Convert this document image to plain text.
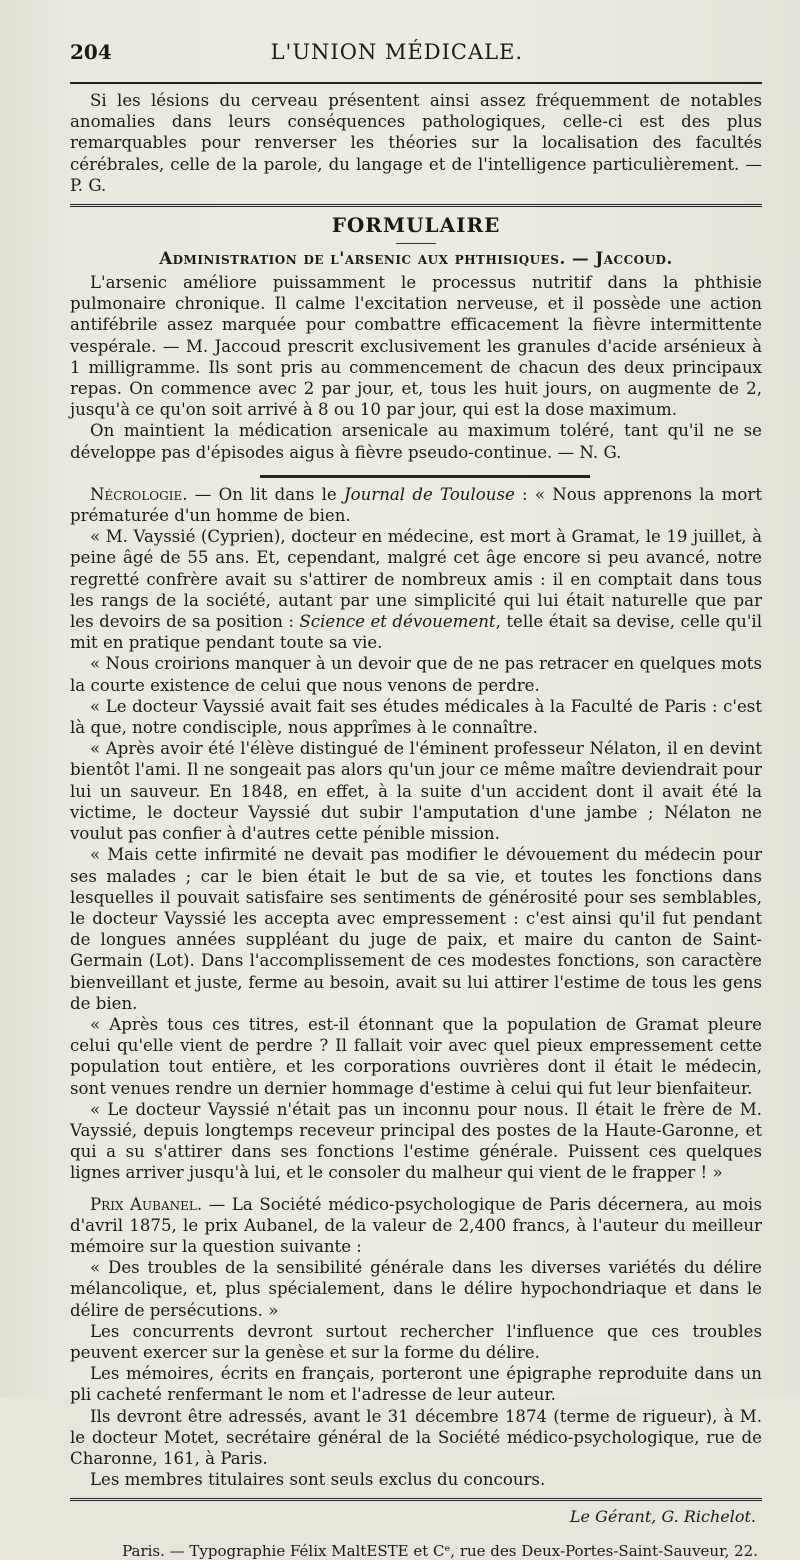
204	L'UNION MÉDICALE.

Si les lésions du cerveau présentent ainsi assez fréquemment de notables anomalies dans leurs conséquences pathologiques, celle-ci est des plus remarquables pour renverser les théories sur la localisation des facultés cérébrales, celle de la parole, du langage et de l'intelligence particulièrement. — P. G.

FORMULAIRE
Administration de l'arsenic aux phthisiques. — Jaccoud.

L'arsenic améliore puissamment le processus nutritif dans la phthisie pulmonaire chronique. Il calme l'excitation nerveuse, et il possède une action antifébrile assez marquée pour combattre efficacement la fièvre intermittente vespérale. — M. Jaccoud prescrit exclusivement les granules d'acide arsénieux à 1 milligramme. Ils sont pris au commencement de chacun des deux principaux repas. On commence avec 2 par jour, et, tous les huit jours, on augmente de 2, jusqu'à ce qu'on soit arrivé à 8 ou 10 par jour, qui est la dose maximum.

On maintient la médication arsenicale au maximum toléré, tant qu'il ne se développe pas d'épisodes aigus à fièvre pseudo-continue. — N. G.

Nécrologie. — On lit dans le Journal de Toulouse : « Nous apprenons la mort prématurée d'un homme de bien.

« M. Vayssié (Cyprien), docteur en médecine, est mort à Gramat, le 19 juillet, à peine âgé de 55 ans. Et, cependant, malgré cet âge encore si peu avancé, notre regretté confrère avait su s'attirer de nombreux amis : il en comptait dans tous les rangs de la société, autant par une simplicité qui lui était naturelle que par les devoirs de sa position : Science et dévouement, telle était sa devise, celle qu'il mit en pratique pendant toute sa vie.

« Nous croirions manquer à un devoir que de ne pas retracer en quelques mots la courte existence de celui que nous venons de perdre.

« Le docteur Vayssié avait fait ses études médicales à la Faculté de Paris : c'est là que, notre condisciple, nous apprîmes à le connaître.

« Après avoir été l'élève distingué de l'éminent professeur Nélaton, il en devint bientôt l'ami. Il ne songeait pas alors qu'un jour ce même maître deviendrait pour lui un sauveur. En 1848, en effet, à la suite d'un accident dont il avait été la victime, le docteur Vayssié dut subir l'amputation d'une jambe ; Nélaton ne voulut pas confier à d'autres cette pénible mission.

« Mais cette infirmité ne devait pas modifier le dévouement du médecin pour ses malades ; car le bien était le but de sa vie, et toutes les fonctions dans lesquelles il pouvait satisfaire ses sentiments de générosité pour ses semblables, le docteur Vayssié les accepta avec empressement : c'est ainsi qu'il fut pendant de longues années suppléant du juge de paix, et maire du canton de Saint-Germain (Lot). Dans l'accomplissement de ces modestes fonctions, son caractère bienveillant et juste, ferme au besoin, avait su lui attirer l'estime de tous les gens de bien.

« Après tous ces titres, est-il étonnant que la population de Gramat pleure celui qu'elle vient de perdre ? Il fallait voir avec quel pieux empressement cette population tout entière, et les corporations ouvrières dont il était le médecin, sont venues rendre un dernier hommage d'estime à celui qui fut leur bienfaiteur.

« Le docteur Vayssié n'était pas un inconnu pour nous. Il était le frère de M. Vayssié, depuis longtemps receveur principal des postes de la Haute-Garonne, et qui a su s'attirer dans ses fonctions l'estime générale. Puissent ces quelques lignes arriver jusqu'à lui, et le consoler du malheur qui vient de le frapper ! »

Prix Aubanel. — La Société médico-psychologique de Paris décernera, au mois d'avril 1875, le prix Aubanel, de la valeur de 2,400 francs, à l'auteur du meilleur mémoire sur la question suivante :

« Des troubles de la sensibilité générale dans les diverses variétés du délire mélancolique, et, plus spécialement, dans le délire hypochondriaque et dans le délire de persécutions. »

Les concurrents devront surtout rechercher l'influence que ces troubles peuvent exercer sur la genèse et sur la forme du délire.

Les mémoires, écrits en français, porteront une épigraphe reproduite dans un pli cacheté renfermant le nom et l'adresse de leur auteur.

Ils devront être adressés, avant le 31 décembre 1874 (terme de rigueur), à M. le docteur Motet, secrétaire général de la Société médico-psychologique, rue de Charonne, 161, à Paris.

Les membres titulaires sont seuls exclus du concours.

Le Gérant, G. Richelot.
Paris. — Typographie Félix MaltESTE et Cᵉ, rue des Deux-Portes-Saint-Sauveur, 22.
